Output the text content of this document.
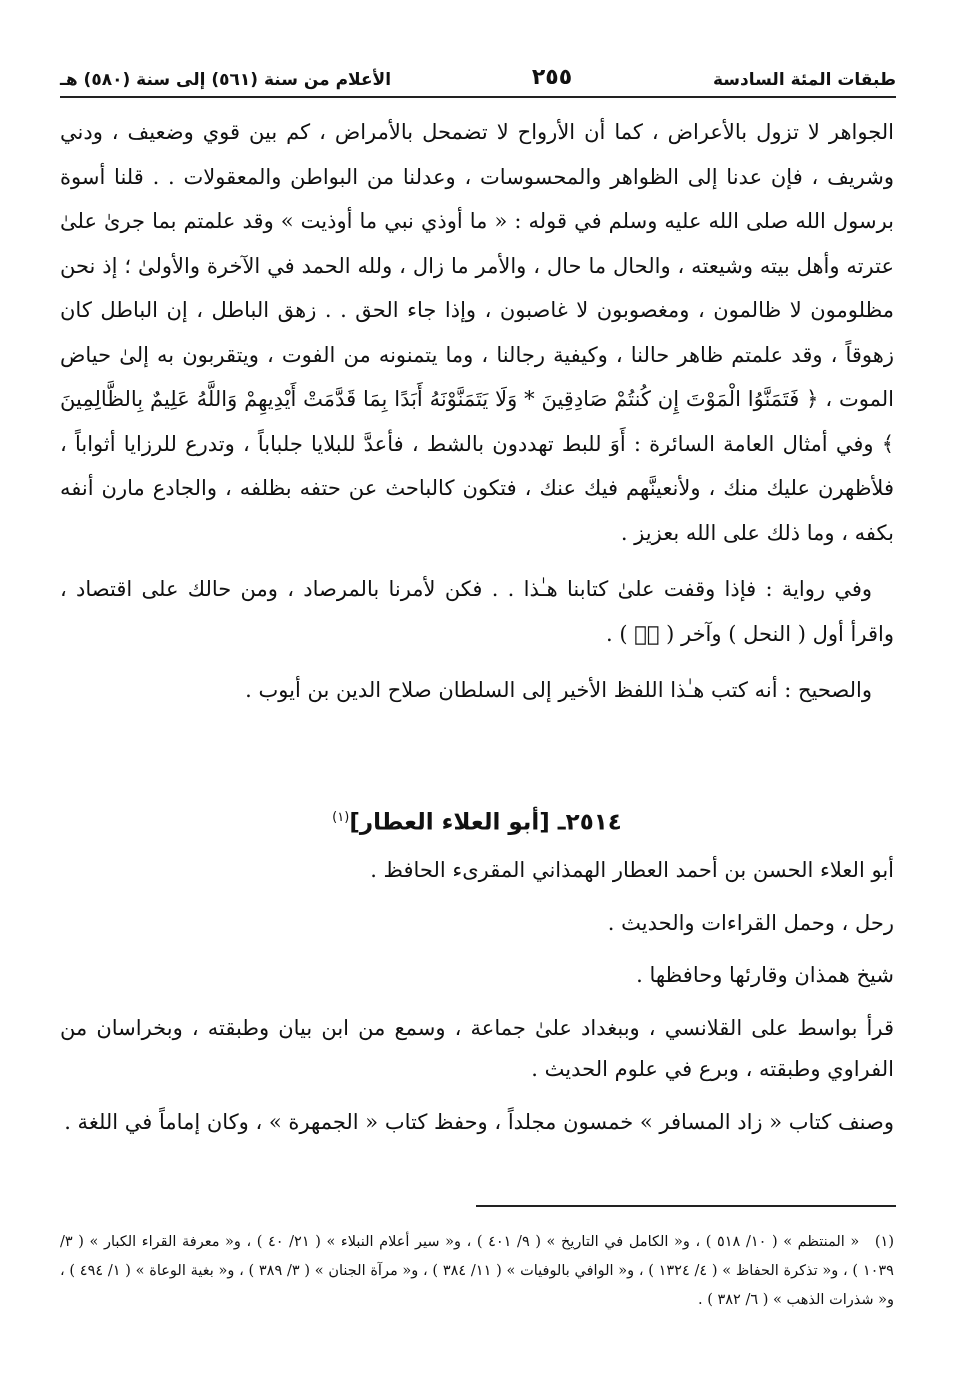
طبقات المئة السادسة
٢٥٥
الأعلام من سنة (٥٦١) إلى سنة (٥٨٠) هـ

الجواهر لا تزول بالأعراض ، كما أن الأرواح لا تضمحل بالأمراض ، كم بين قوي وضعيف ، ودني وشريف ، فإن عدنا إلى الظواهر والمحسوسات ، وعدلنا من البواطن والمعقولات . . قلنا أسوة برسول الله صلى الله عليه وسلم في قوله : « ما أوذي نبي ما أوذيت » وقد علمتم بما جرىٰ علىٰ عترته وأهل بيته وشيعته ، والحال ما حال ، والأمر ما زال ، ولله الحمد في الآخرة والأولىٰ ؛ إذ نحن مظلومون لا ظالمون ، ومغصوبون لا غاصبون ، وإذا جاء الحق . . زهق الباطل ، إن الباطل كان زهوقاً ، وقد علمتم ظاهر حالنا ، وكيفية رجالنا ، وما يتمنونه من الفوت ، ويتقربون به إلىٰ حياض الموت ، ﴿ فَتَمَنَّوُا الْمَوْتَ إِن كُنتُمْ صَادِقِينَ * وَلَا يَتَمَنَّوْنَهُ أَبَدًا بِمَا قَدَّمَتْ أَيْدِيهِمْ وَاللَّهُ عَلِيمٌ بِالظَّالِمِينَ ﴾ وفي أمثال العامة السائرة : أَوَ للبط تهددون بالشط ، فأعدَّ للبلايا جلباباً ، وتدرع للرزايا أثواباً ، فلأظهرن عليك منك ، ولأنعينَّهم فيك عنك ، فتكون كالباحث عن حتفه بظلفه ، والجادع مارن أنفه بكفه ، وما ذلك على الله بعزيز .

وفي رواية : فإذا وقفت علىٰ كتابنا هـٰذا . . فكن لأمرنا بالمرصاد ، ومن حالك على اقتصاد ، واقرأ أول ( النحل ) وآخر ( صۤ ) .

والصحيح : أنه كتب هـٰذا اللفظ الأخير إلى السلطان صلاح الدين بن أيوب .

٢٥١٤ـ [أبو العلاء العطار]$^{(١)}$

أبو العلاء الحسن بن أحمد العطار الهمذاني المقرىء الحافظ .

رحل ، وحمل القراءات والحديث .

شيخ همذان وقارئها وحافظها .

قرأ بواسط على القلانسي ، وببغداد علىٰ جماعة ، وسمع من ابن بيان وطبقته ، وبخراسان من الفراوي وطبقته ، وبرع في علوم الحديث .

وصنف كتاب « زاد المسافر » خمسون مجلداً ، وحفظ كتاب « الجمهرة » ، وكان إماماً في اللغة .

(١) « المنتظم » ( ١٠/ ٥١٨ ) ، و« الكامل في التاريخ » ( ٩/ ٤٠١ ) ، و« سير أعلام النبلاء » ( ٢١/ ٤٠ ) ، و« معرفة القراء الكبار » ( ٣/ ١٠٣٩ ) ، و« تذكرة الحفاظ » ( ٤/ ١٣٢٤ ) ، و« الوافي بالوفيات » ( ١١/ ٣٨٤ ) ، و« مرآة الجنان » ( ٣/ ٣٨٩ ) ، و« بغية الوعاة » ( ١/ ٤٩٤ ) ، و« شذرات الذهب » ( ٦/ ٣٨٢ ) .
